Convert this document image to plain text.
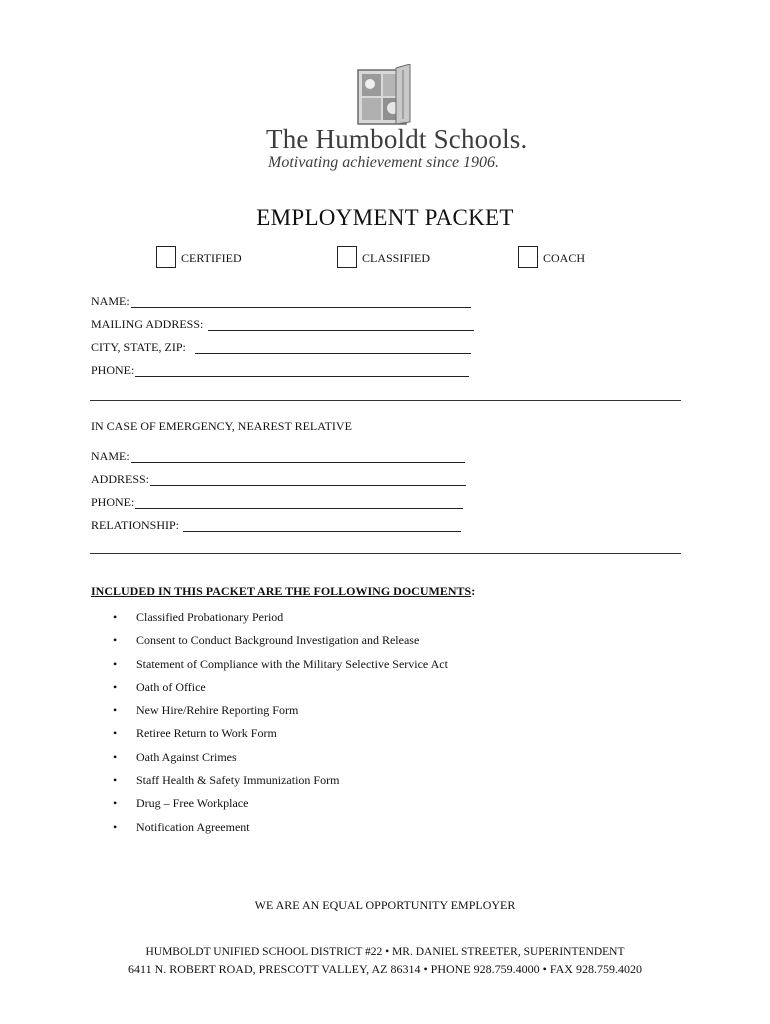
The Humboldt Schools.
Motivating achievement since 1906.
EMPLOYMENT PACKET
CERTIFIED	CLASSIFIED	COACH
NAME:
MAILING ADDRESS:
CITY, STATE, ZIP:
PHONE:
IN CASE OF EMERGENCY, NEAREST RELATIVE
NAME:
ADDRESS:
PHONE:
RELATIONSHIP:
INCLUDED IN THIS PACKET ARE THE FOLLOWING DOCUMENTS:
• Classified Probationary Period
• Consent to Conduct Background Investigation and Release
• Statement of Compliance with the Military Selective Service Act
• Oath of Office
• New Hire/Rehire Reporting Form
• Retiree Return to Work Form
• Oath Against Crimes
• Staff Health & Safety Immunization Form
• Drug – Free Workplace
• Notification Agreement
WE ARE AN EQUAL OPPORTUNITY EMPLOYER
HUMBOLDT UNIFIED SCHOOL DISTRICT #22 • MR. DANIEL STREETER, SUPERINTENDENT
6411 N. ROBERT ROAD, PRESCOTT VALLEY, AZ 86314 • PHONE 928.759.4000 • FAX 928.759.4020
